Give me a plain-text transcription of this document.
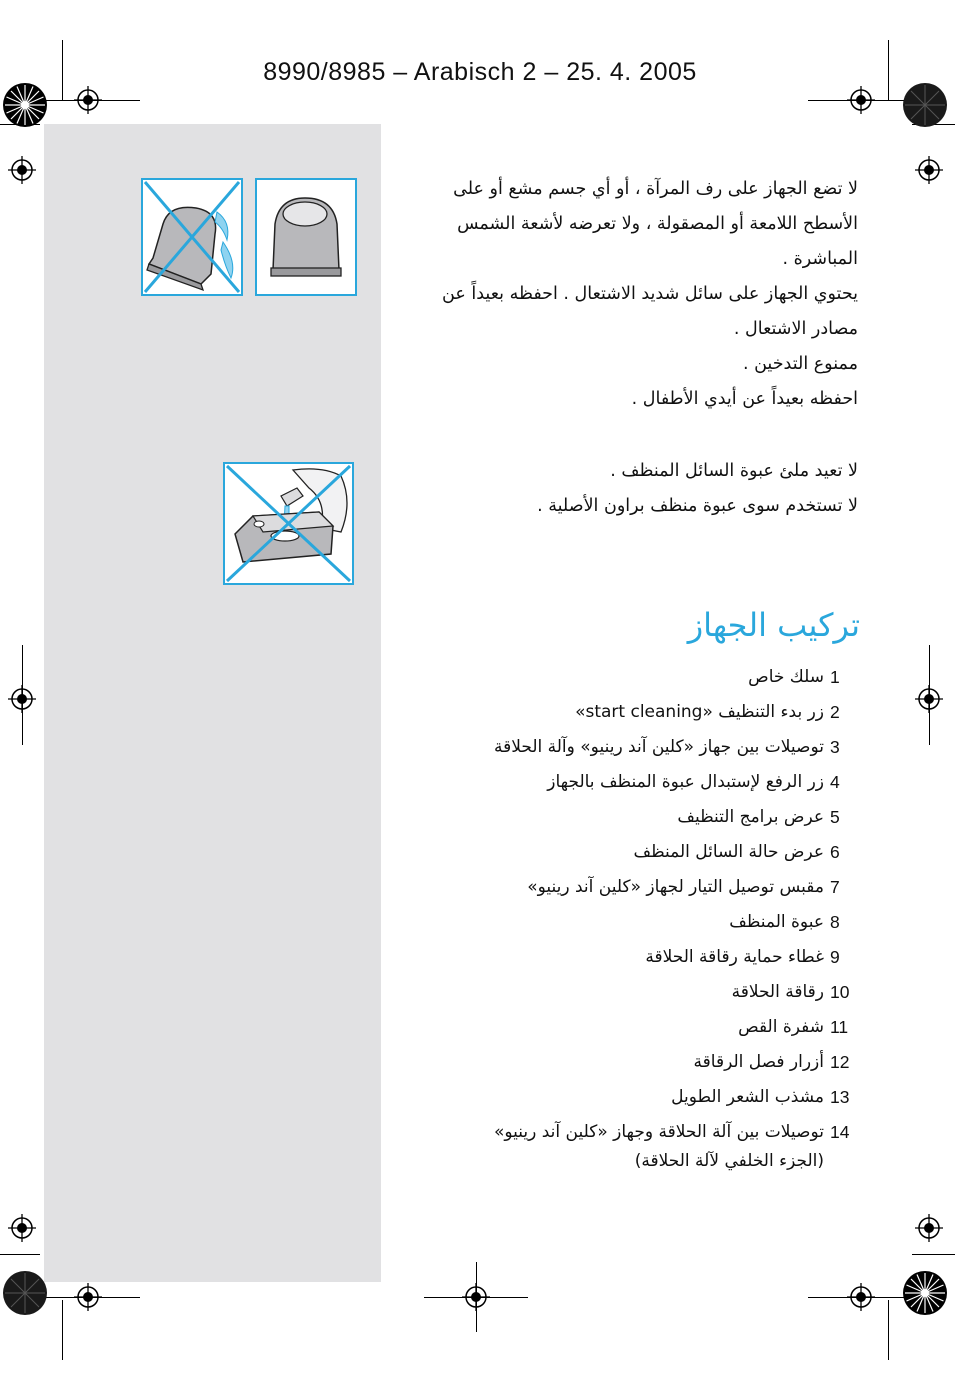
8990/8985 – Arabisch 2 – 25. 4. 2005

لا تضع الجهاز على رف المرآة ، أو أي جسم مشع أو على

الأسطح اللامعة أو المصقولة ، ولا تعرضه لأشعة الشمس

المباشرة .

يحتوي الجهاز على سائل شديد الاشتعال . احفظه بعيداً عن

مصادر الاشتعال .

ممنوع التدخين .

احفظه بعيداً عن أيدي الأطفال .

لا تعيد ملئ عبوة السائل المنظف .

لا تستخدم سوى عبوة منظف براون الأصلية .

تركيب الجهاز
1
سلك خاص
2
زر بدء التنظيف «start cleaning»
3
توصيلات بين جهاز «كلين آند رينيو» وآلة الحلاقة
4
زر الرفع لإستبدال عبوة المنظف بالجهاز
5
عرض برامج التنظيف
6
عرض حالة السائل المنظف
7
مقبس توصيل التيار لجهاز «كلين آند رينيو»
8
عبوة المنظف
9
غطاء حماية رقاقة الحلاقة
10
رقاقة الحلاقة
11
شفرة القص
12
أزرار فصل الرقاقة
13
مشذب الشعر الطويل
14
توصيلات بين آلة الحلاقة وجهاز «كلين آند رينيو»
(الجزء الخلفي لآلة الحلاقة)
